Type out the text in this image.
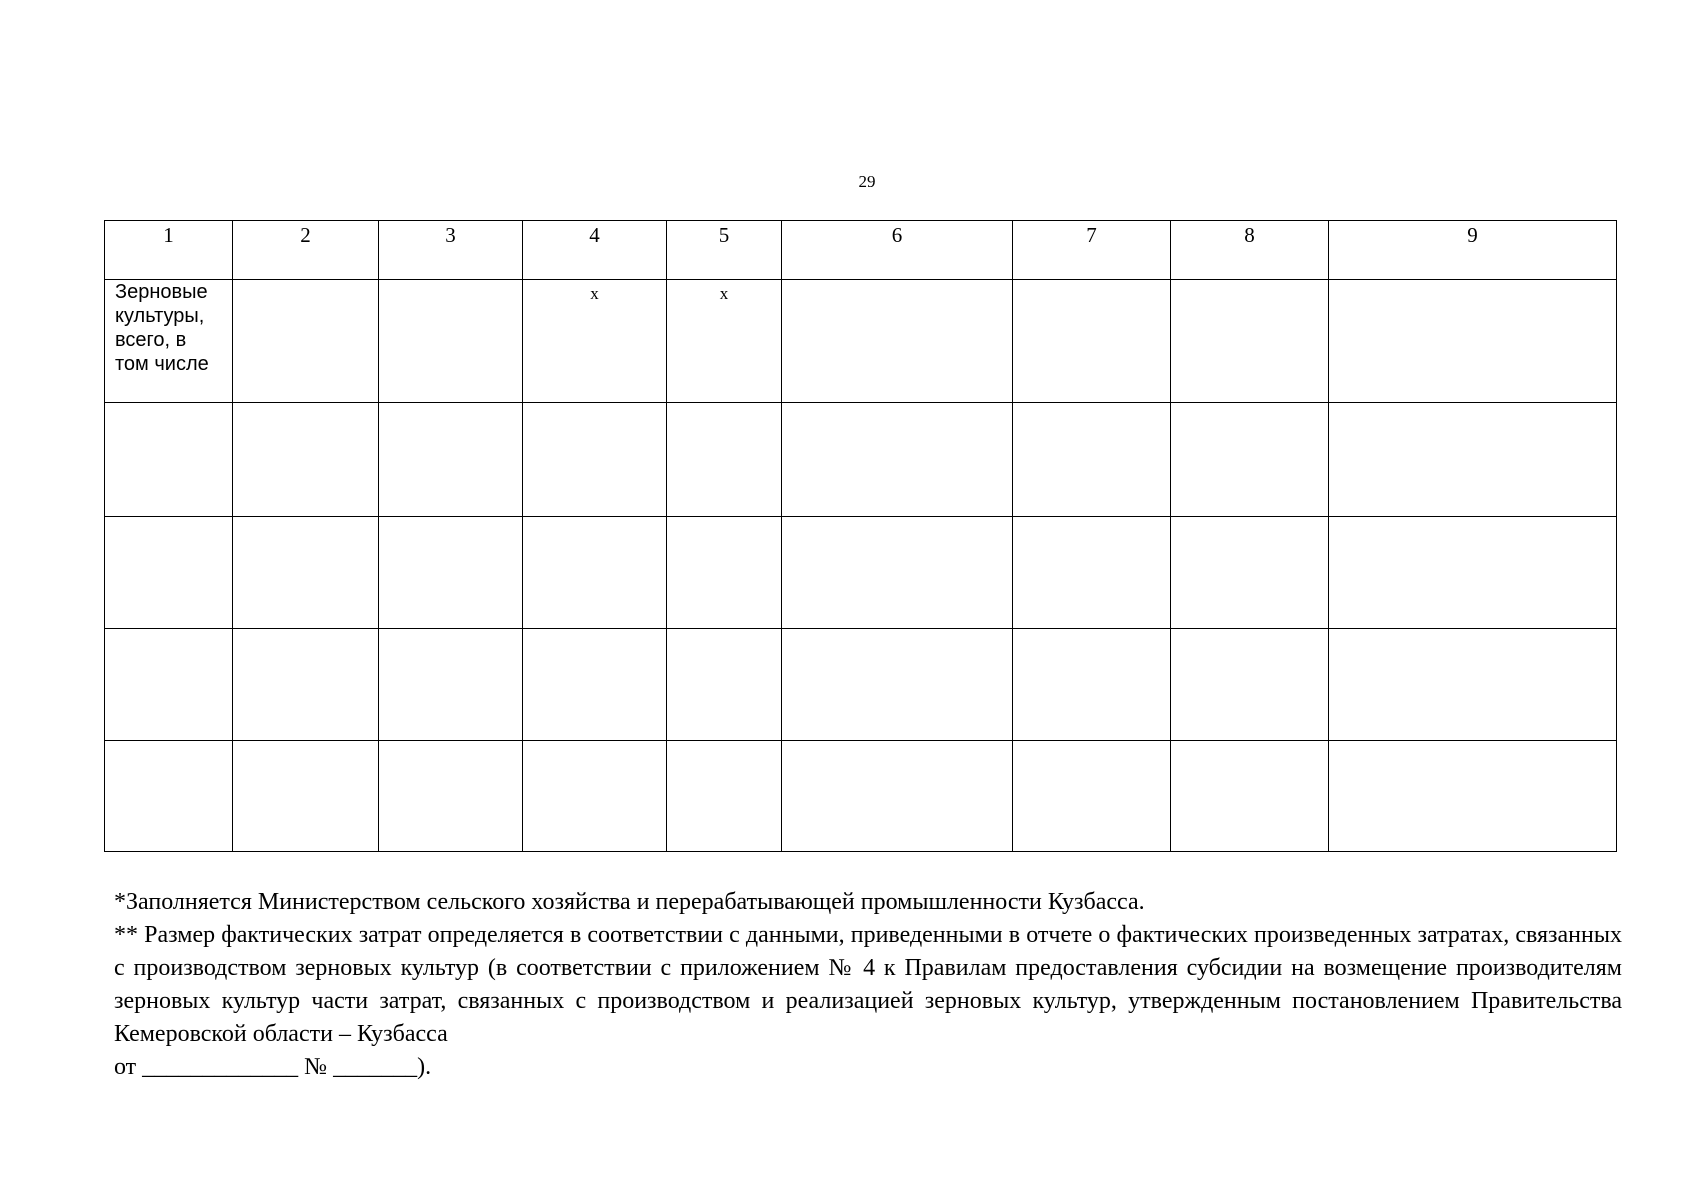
29
1	2	3	4	5	6	7	8	9

Зерновые
культуры,
всего, в
том числе			x	x				

*Заполняется Министерством сельского хозяйства и перерабатывающей промышленности Кузбасса.

** Размер фактических затрат определяется в соответствии с данными, приведенными в отчете о фактических произведенных затратах, связанных с производством зерновых культур (в соответствии с приложением № 4 к Правилам предоставления субсидии на возмещение производителям зерновых культур части затрат, связанных с производством и реализацией зерновых культур, утвержденным постановлением Правительства Кемеровской области – Кузбасса

от _____________ № _______).
